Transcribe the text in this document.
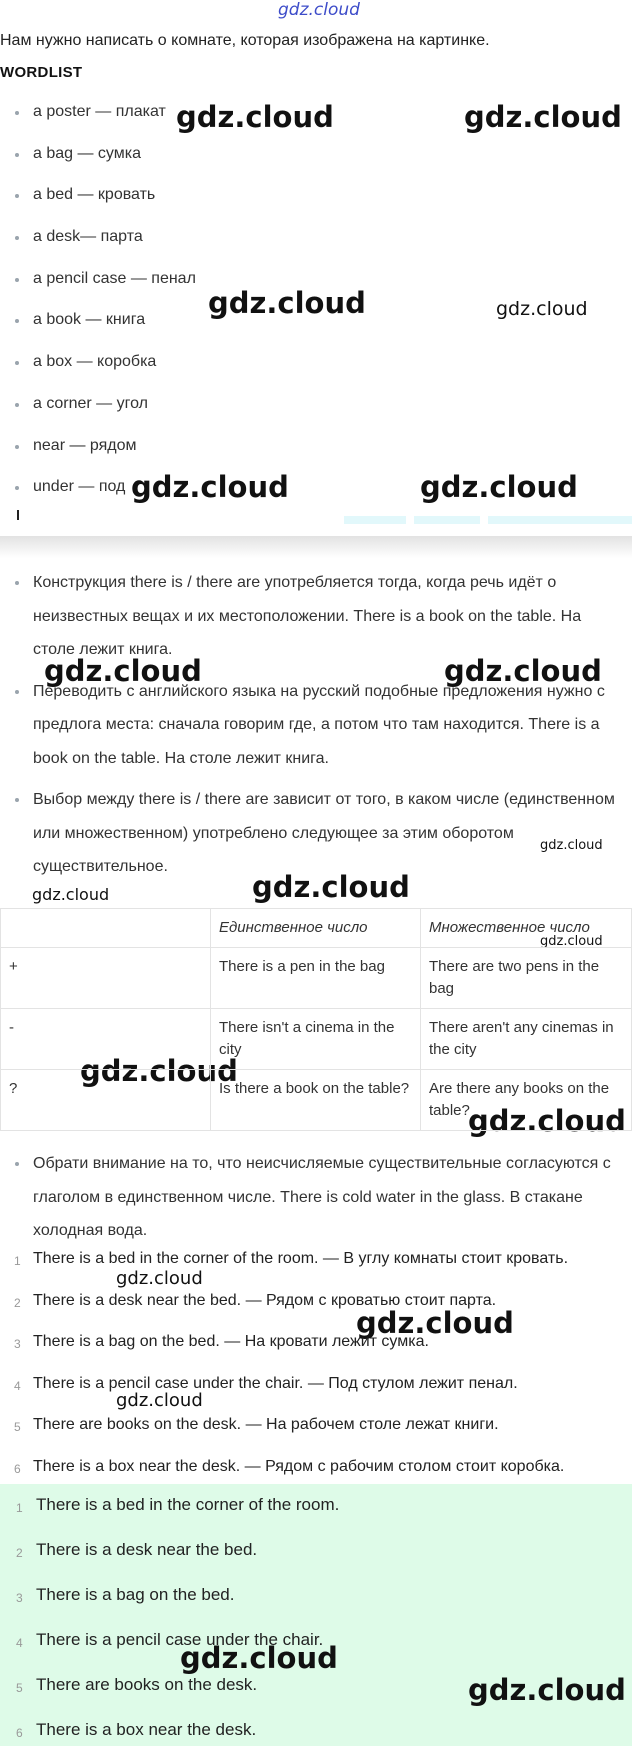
gdz.cloud
gdz.cloud	gdz.cloud
gdz.cloud	gdz.cloud
gdz.cloud	gdz.cloud
gdz.cloud	gdz.cloud
gdz.cloud
gdz.cloud
gdz.cloud
gdz.cloud
gdz.cloud
gdz.cloud
gdz.cloud
gdz.cloud
gdz.cloud
gdz.cloud
gdz.cloud
Нам нужно написать о комнате, которая изображена на картинке.
WORDLIST
a poster — плакат
a bag — сумка
a bed — кровать
a desk— парта
a pencil case — пенал
a book — книга
a box — коробка
a corner — угол
near — рядом
under — под
Конструкция there is / there are употребляется тогда, когда речь идёт о неизвестных вещах и их местоположении. There is a book on the table. На столе лежит книга.
Переводить с английского языка на русский подобные предложения нужно с предлога места: сначала говорим где, а потом что там находится. There is a book on the table. На столе лежит книга.
Выбор между there is / there are зависит от того, в каком числе (единственном или множественном) употреблено следующее за этим оборотом существительное.
	Единственное число	Множественное число
+	There is a pen in the bag	There are two pens in the bag
-	There isn't a cinema in the city	There aren't any cinemas in the city
?	Is there a book on the table?	Are there any books on the table?
Обрати внимание на то, что неисчисляемые существительные согласуются с глаголом в единственном числе. There is cold water in the glass. В стакане холодная вода.
1 There is a bed in the corner of the room. — В углу комнаты стоит кровать.
2 There is a desk near the bed. — Рядом с кроватью стоит парта.
3 There is a bag on the bed. — На кровати лежит сумка.
4 There is a pencil case under the chair. — Под стулом лежит пенал.
5 There are books on the desk. — На рабочем столе лежат книги.
6 There is a box near the desk. — Рядом с рабочим столом стоит коробка.
1 There is a bed in the corner of the room.
2 There is a desk near the bed.
3 There is a bag on the bed.
4 There is a pencil case under the chair.
5 There are books on the desk.
6 There is a box near the desk.
